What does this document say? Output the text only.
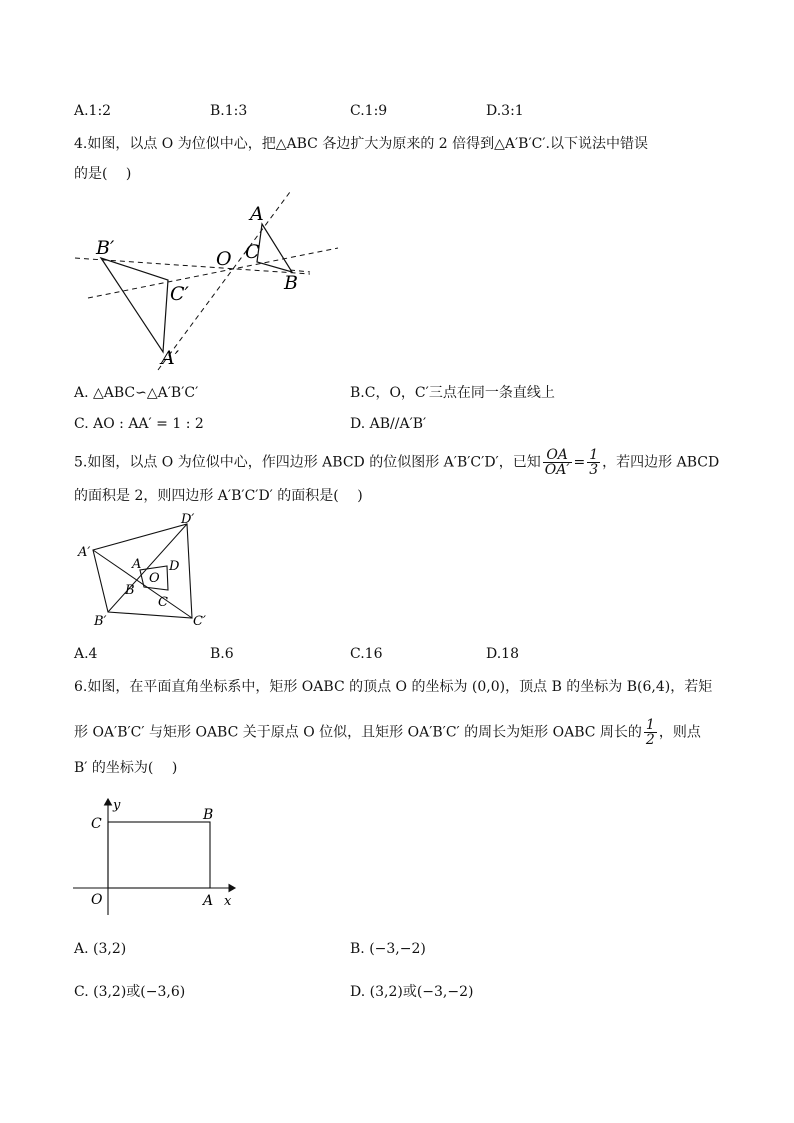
A.1:2	B.1:3	C.1:9	D.3:1
4.如图，以点 O 为位似中心，把△ABC 各边扩大为原来的 2 倍得到△A′B′C′.以下说法中错误
的是(　 )
A
B
C
O
A′
B′
C′
A. △ABC∽△A′B′C′	B.C，O，C′三点在同一条直线上
C. AO : AA′ = 1 : 2	D. AB//A′B′
5.如图，以点 O 为位似中心，作四边形 ABCD 的位似图形 A′B′C′D′，已知 $\frac{OA}{OA'} = \frac{1}{3}$ ，若四边形 ABCD
的面积是 2，则四边形 A′B′C′D′ 的面积是(　 )
A′
B′	C′
D′
A
B
C
D
O
A.4	B.6	C.16	D.18
6.如图，在平面直角坐标系中，矩形 OABC 的顶点 O 的坐标为 (0,0)，顶点 B 的坐标为 B(6,4)，若矩
形 OA′B′C′ 与矩形 OABC 关于原点 O 位似，且矩形 OA′B′C′ 的周长为矩形 OABC 周长的 $\frac{1}{2}$ ，则点
B′ 的坐标为(　 )
y
x
O	A
B
C
A. (3,2)	B. (−3,−2)
C. (3,2)或(−3,6)	D. (3,2)或(−3,−2)
